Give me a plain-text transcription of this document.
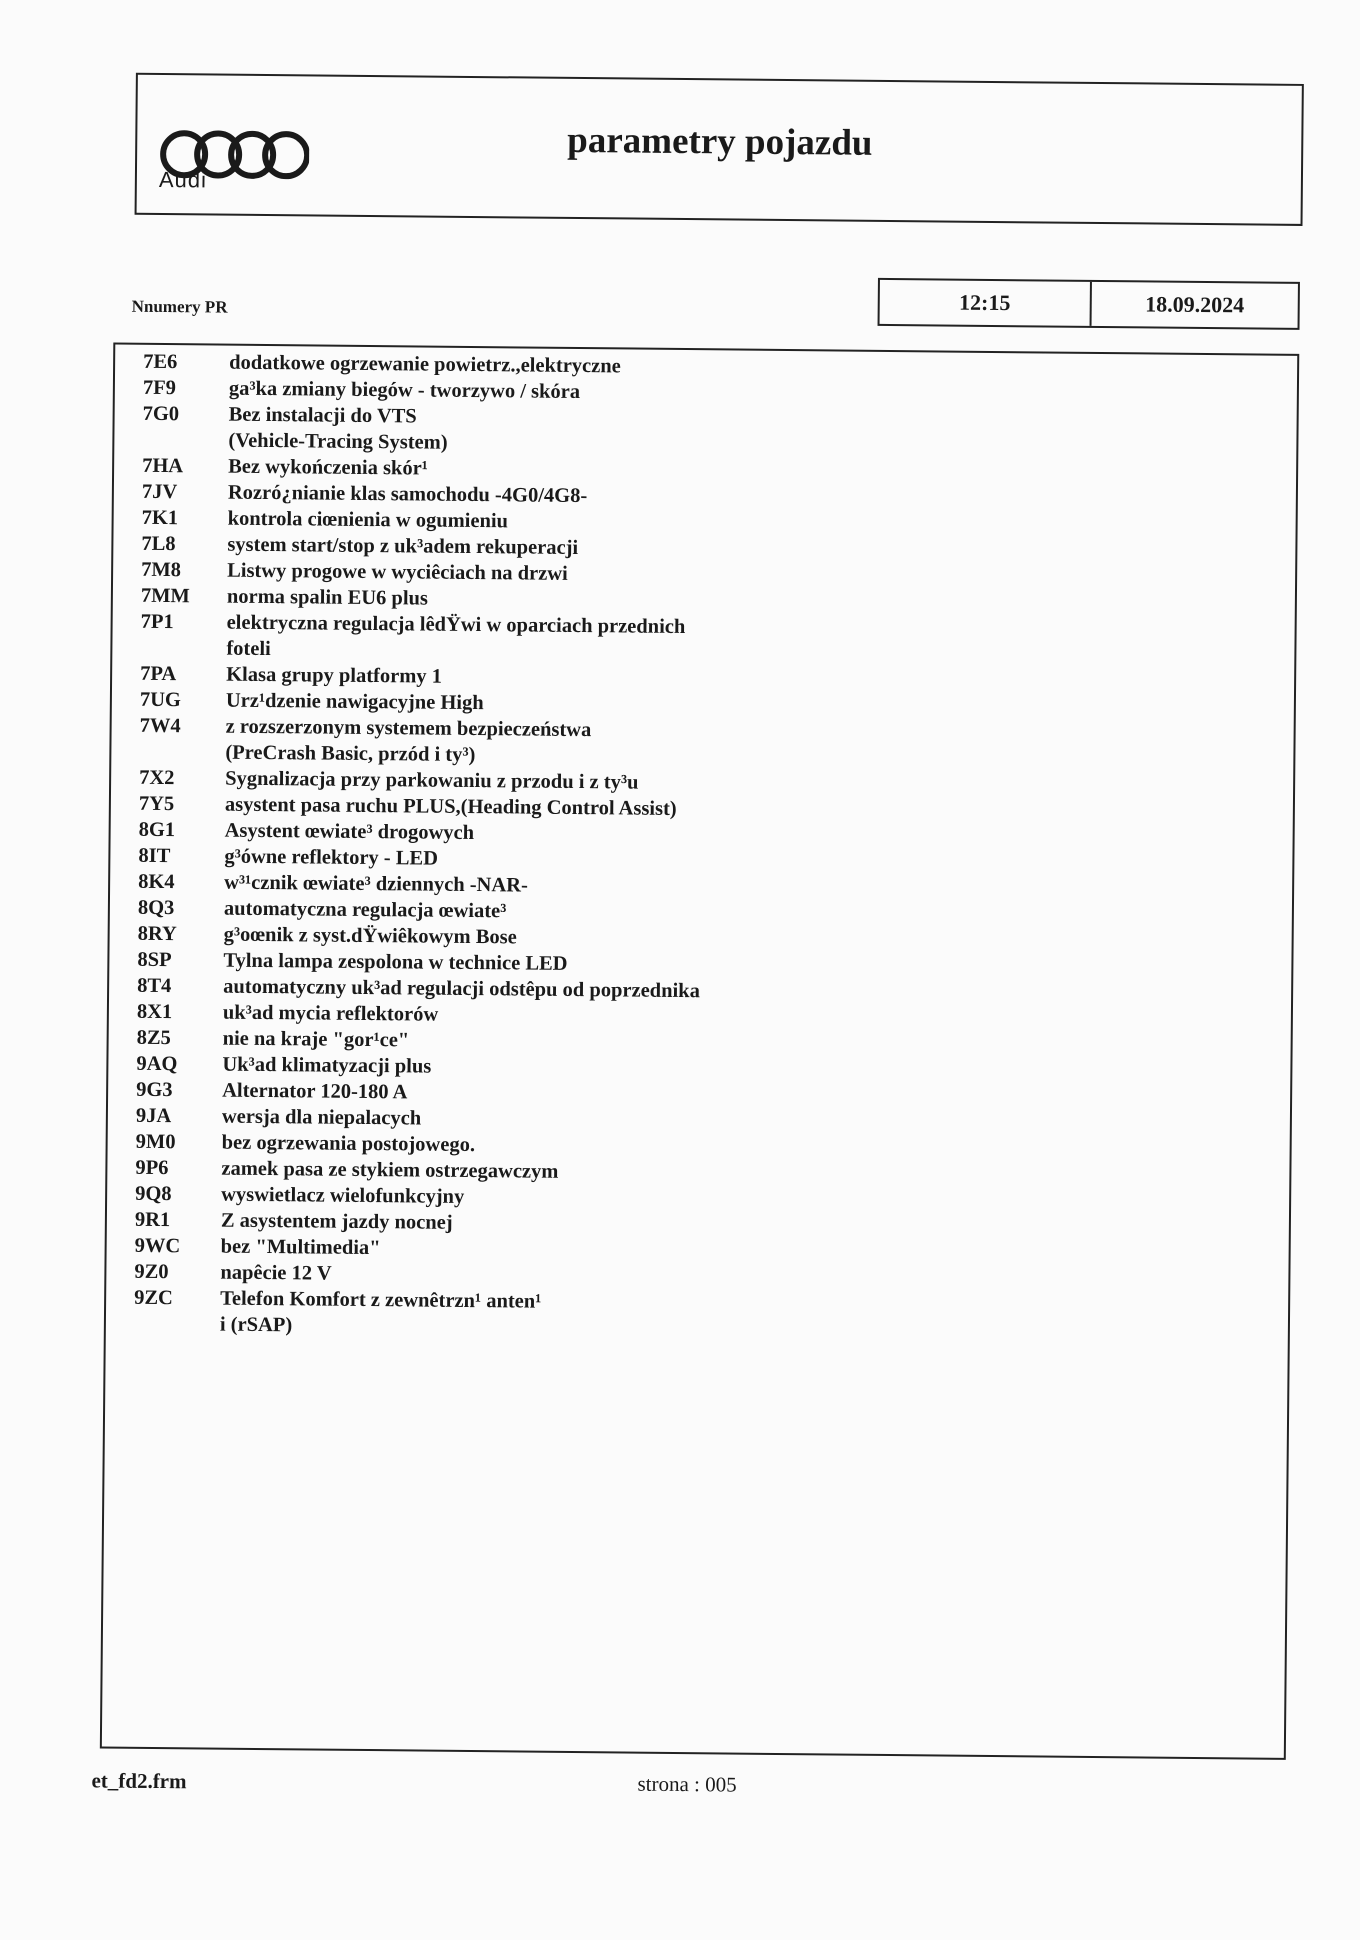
Audi
parametry pojazdu
Nnumery PR	12:15	18.09.2024
7E6	dodatkowe ogrzewanie powietrz.,elektryczne
7F9	ga³ka zmiany biegów - tworzywo / skóra
7G0	Bez instalacji do VTS
(Vehicle-Tracing System)
7HA	Bez wykończenia skór¹
7JV	Rozró¿nianie klas samochodu -4G0/4G8-
7K1	kontrola ciœnienia w ogumieniu
7L8	system start/stop z uk³adem rekuperacji
7M8	Listwy progowe w wyciêciach na drzwi
7MM	norma spalin EU6 plus
7P1	elektryczna regulacja lêdŸwi w oparciach przednich
foteli
7PA	Klasa grupy platformy 1
7UG	Urz¹dzenie nawigacyjne High
7W4	z rozszerzonym systemem bezpieczeństwa
(PreCrash Basic, przód i ty³)
7X2	Sygnalizacja przy parkowaniu z przodu i z ty³u
7Y5	asystent pasa ruchu PLUS,(Heading Control Assist)
8G1	Asystent œwiate³ drogowych
8IT	g³ówne reflektory - LED
8K4	w³¹cznik œwiate³ dziennych -NAR-
8Q3	automatyczna regulacja œwiate³
8RY	g³oœnik z syst.dŸwiêkowym Bose
8SP	Tylna lampa zespolona w technice LED
8T4	automatyczny uk³ad regulacji odstêpu od poprzednika
8X1	uk³ad mycia reflektorów
8Z5	nie na kraje "gor¹ce"
9AQ	Uk³ad klimatyzacji plus
9G3	Alternator 120-180 A
9JA	wersja dla niepalacych
9M0	bez ogrzewania postojowego.
9P6	zamek pasa ze stykiem ostrzegawczym
9Q8	wyswietlacz wielofunkcyjny
9R1	Z asystentem jazdy nocnej
9WC	bez "Multimedia"
9Z0	napêcie 12 V
9ZC	Telefon Komfort z zewnêtrzn¹ anten¹
i (rSAP)
et_fd2.frm	strona : 005
